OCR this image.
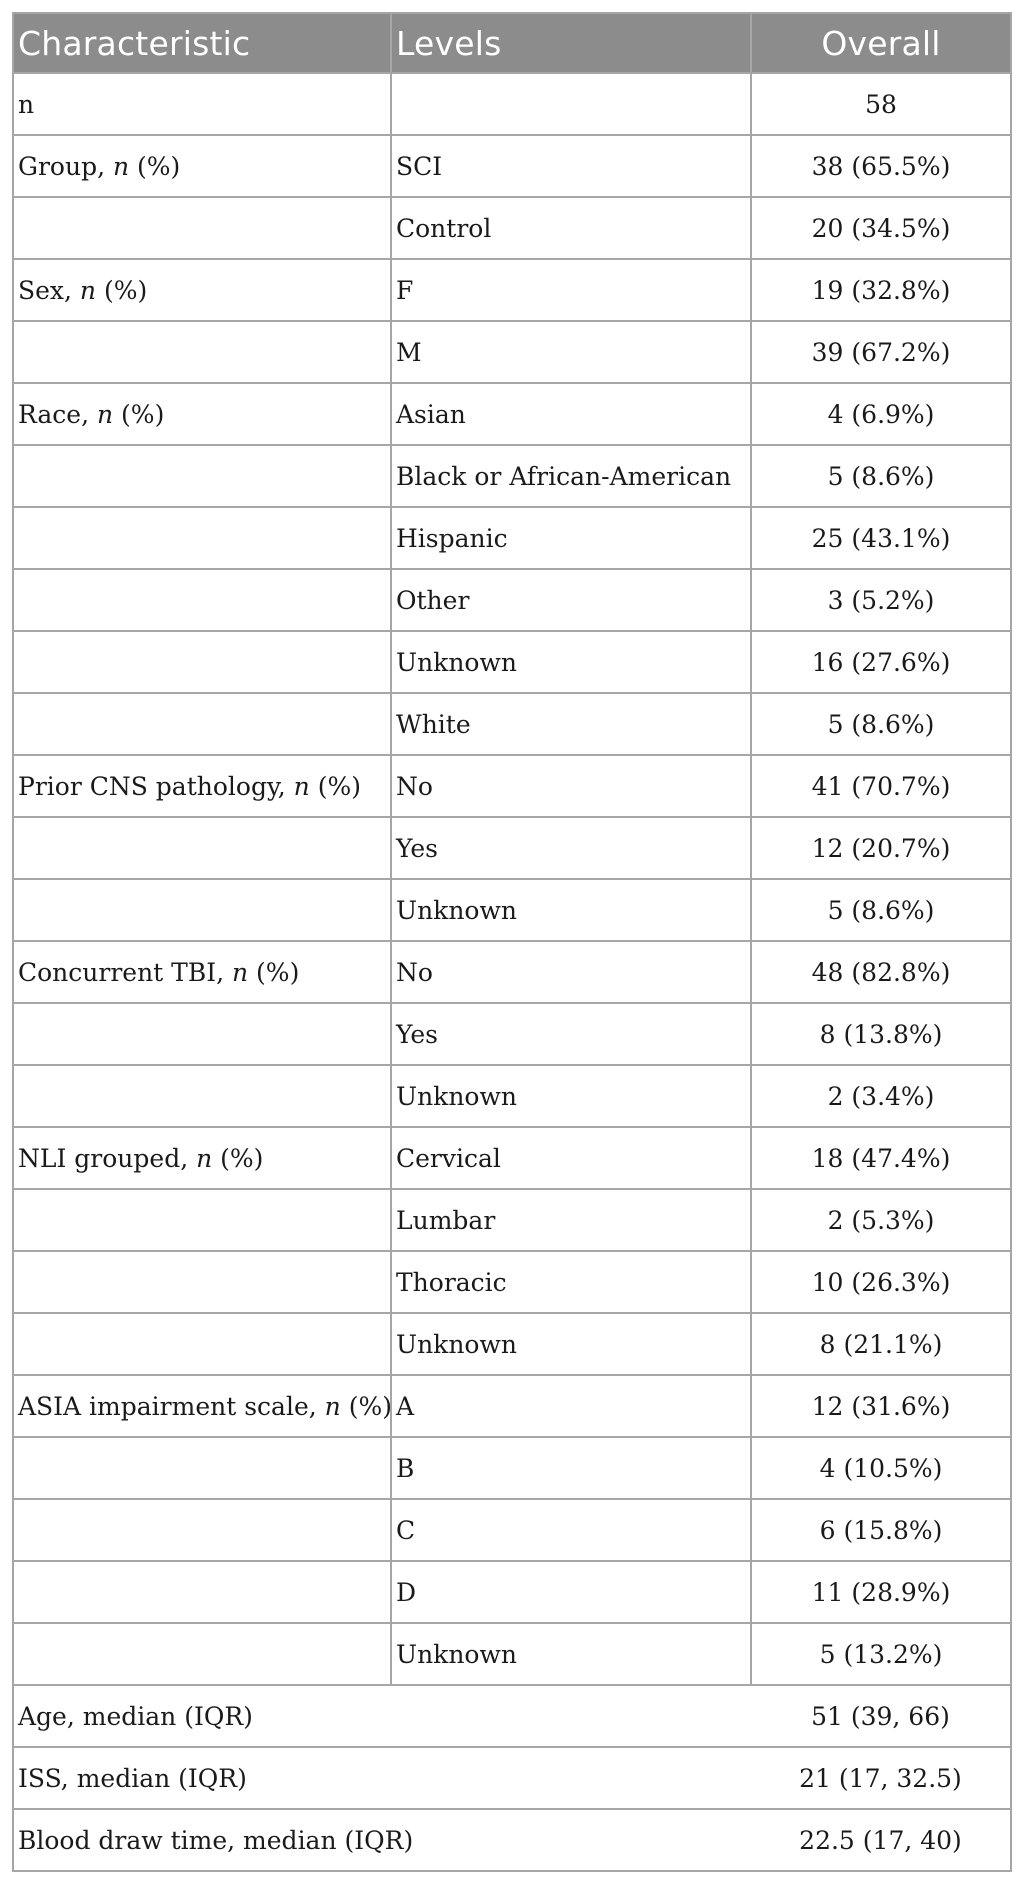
Characteristic	Levels	Overall
n		58
Group, n (%)	SCI	38 (65.5%)
	Control	20 (34.5%)
Sex, n (%)	F	19 (32.8%)
	M	39 (67.2%)
Race, n (%)	Asian	4 (6.9%)
	Black or African-American	5 (8.6%)
	Hispanic	25 (43.1%)
	Other	3 (5.2%)
	Unknown	16 (27.6%)
	White	5 (8.6%)
Prior CNS pathology, n (%)	No	41 (70.7%)
	Yes	12 (20.7%)
	Unknown	5 (8.6%)
Concurrent TBI, n (%)	No	48 (82.8%)
	Yes	8 (13.8%)
	Unknown	2 (3.4%)
NLI grouped, n (%)	Cervical	18 (47.4%)
	Lumbar	2 (5.3%)
	Thoracic	10 (26.3%)
	Unknown	8 (21.1%)
ASIA impairment scale, n (%)	A	12 (31.6%)
	B	4 (10.5%)
	C	6 (15.8%)
	D	11 (28.9%)
	Unknown	5 (13.2%)
Age, median (IQR)		51 (39, 66)
ISS, median (IQR)		21 (17, 32.5)
Blood draw time, median (IQR)		22.5 (17, 40)
